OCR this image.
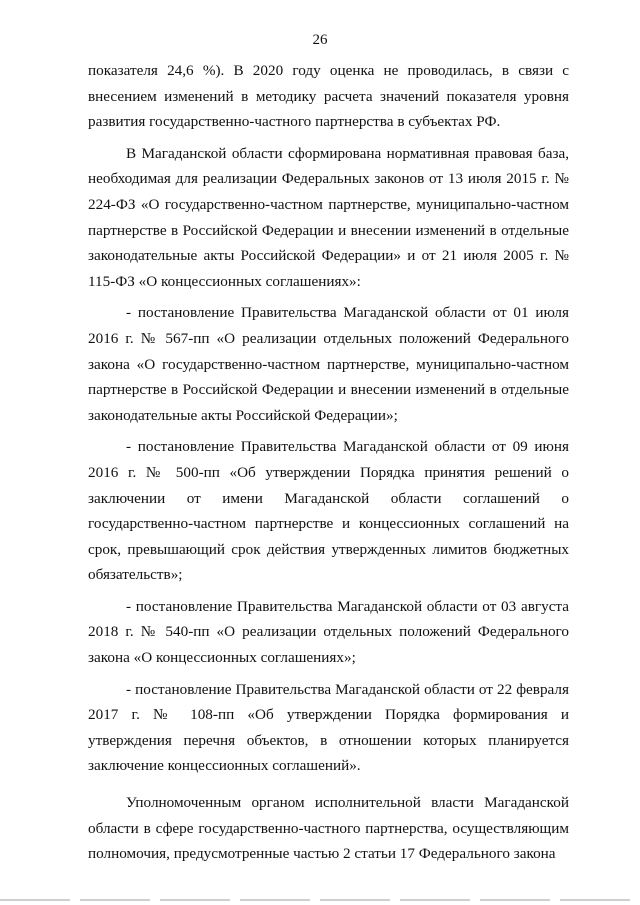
26

показателя 24,6 %). В 2020 году оценка не проводилась, в связи с внесением изменений в методику расчета значений показателя уровня развития государственно-частного партнерства в субъектах РФ.

В Магаданской области сформирована нормативная правовая база, необходимая для реализации Федеральных законов от 13 июля 2015 г. № 224-ФЗ «О государственно-частном партнерстве, муниципально-частном партнерстве в Российской Федерации и внесении изменений в отдельные законодательные акты Российской Федерации» и от 21 июля 2005 г. № 115-ФЗ «О концессионных соглашениях»:

- постановление Правительства Магаданской области от 01 июля 2016 г. № 567-пп «О реализации отдельных положений Федерального закона «О государственно-частном партнерстве, муниципально-частном партнерстве в Российской Федерации и внесении изменений в отдельные законодательные акты Российской Федерации»;

- постановление Правительства Магаданской области от 09 июня 2016 г. № 500-пп «Об утверждении Порядка принятия решений о заключении от имени Магаданской области соглашений о государственно-частном партнерстве и концессионных соглашений на срок, превышающий срок действия утвержденных лимитов бюджетных обязательств»;

- постановление Правительства Магаданской области от 03 августа 2018 г. № 540-пп «О реализации отдельных положений Федерального закона «О концессионных соглашениях»;

- постановление Правительства Магаданской области от 22 февраля 2017 г. № 108-пп «Об утверждении Порядка формирования и утверждения перечня объектов, в отношении которых планируется заключение концессионных соглашений».

Уполномоченным органом исполнительной власти Магаданской области в сфере государственно-частного партнерства, осуществляющим полномочия, предусмотренные частью 2 статьи 17 Федерального закона
